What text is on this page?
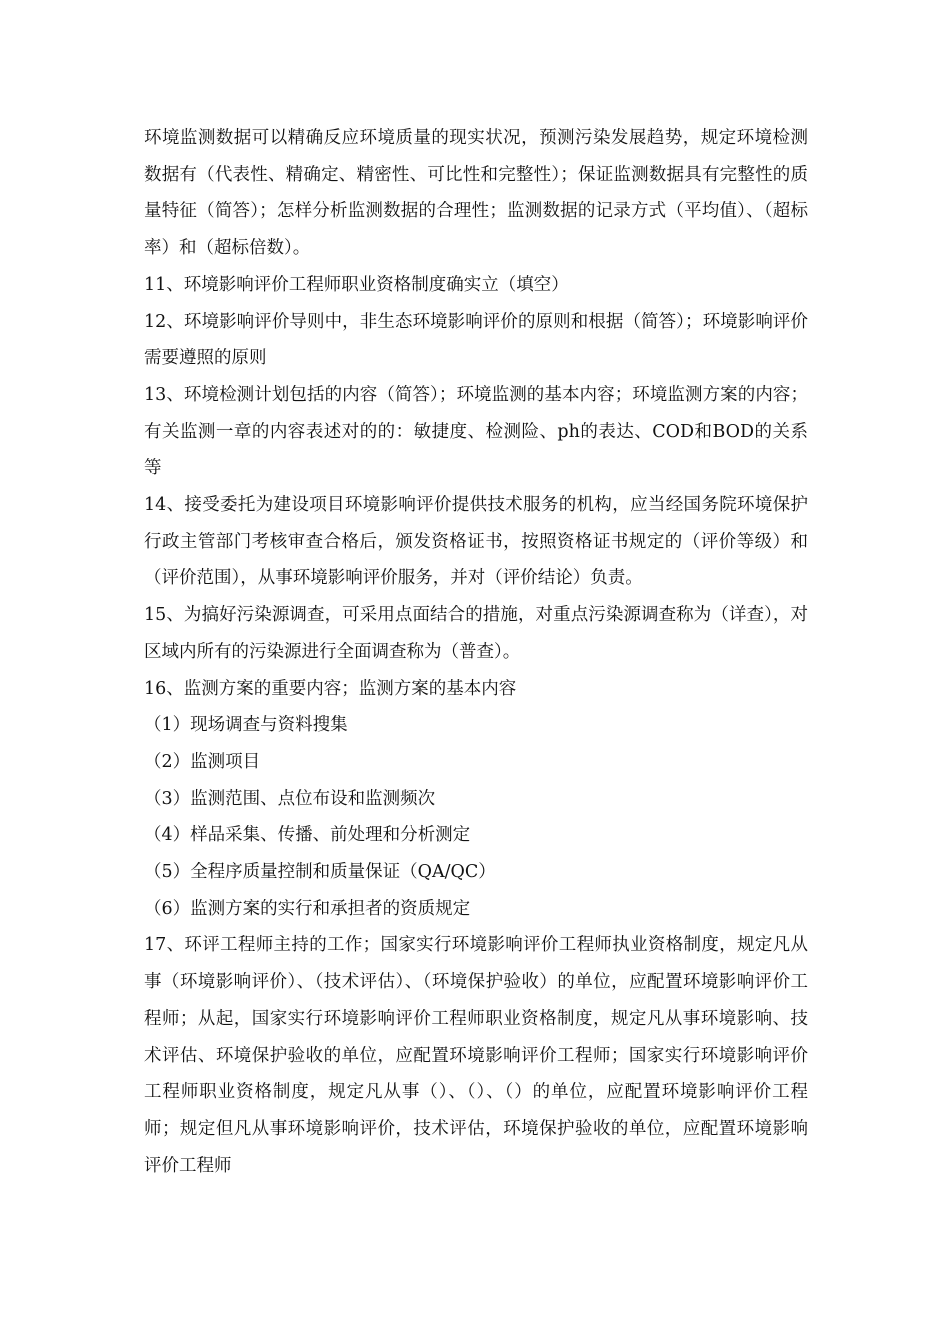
环境监测数据可以精确反应环境质量的现实状况，预测污染发展趋势，规定环境检测数据有（代表性、精确定、精密性、可比性和完整性）；保证监测数据具有完整性的质量特征（简答）；怎样分析监测数据的合理性；监测数据的记录方式（平均值）、（超标率）和（超标倍数）。

11、环境影响评价工程师职业资格制度确实立（填空）

12、环境影响评价导则中，非生态环境影响评价的原则和根据（简答）；环境影响评价需要遵照的原则

13、环境检测计划包括的内容（简答）；环境监测的基本内容；环境监测方案的内容；有关监测一章的内容表述对的的：敏捷度、检测险、ph的表达、COD和BOD的关系等

14、接受委托为建设项目环境影响评价提供技术服务的机构，应当经国务院环境保护行政主管部门考核审查合格后，颁发资格证书，按照资格证书规定的（评价等级）和（评价范围），从事环境影响评价服务，并对（评价结论）负责。

15、为搞好污染源调查，可采用点面结合的措施，对重点污染源调查称为（详查），对区域内所有的污染源进行全面调查称为（普查）。

16、监测方案的重要内容；监测方案的基本内容

（1）现场调查与资料搜集

（2）监测项目

（3）监测范围、点位布设和监测频次

（4）样品采集、传播、前处理和分析测定

（5）全程序质量控制和质量保证（QA/QC）

（6）监测方案的实行和承担者的资质规定

17、环评工程师主持的工作；国家实行环境影响评价工程师执业资格制度，规定凡从事（环境影响评价）、（技术评估）、（环境保护验收）的单位，应配置环境影响评价工程师；从起，国家实行环境影响评价工程师职业资格制度，规定凡从事环境影响、技术评估、环境保护验收的单位，应配置环境影响评价工程师；国家实行环境影响评价工程师职业资格制度，规定凡从事（）、（）、（）的单位，应配置环境影响评价工程师；规定但凡从事环境影响评价，技术评估，环境保护验收的单位，应配置环境影响评价工程师
